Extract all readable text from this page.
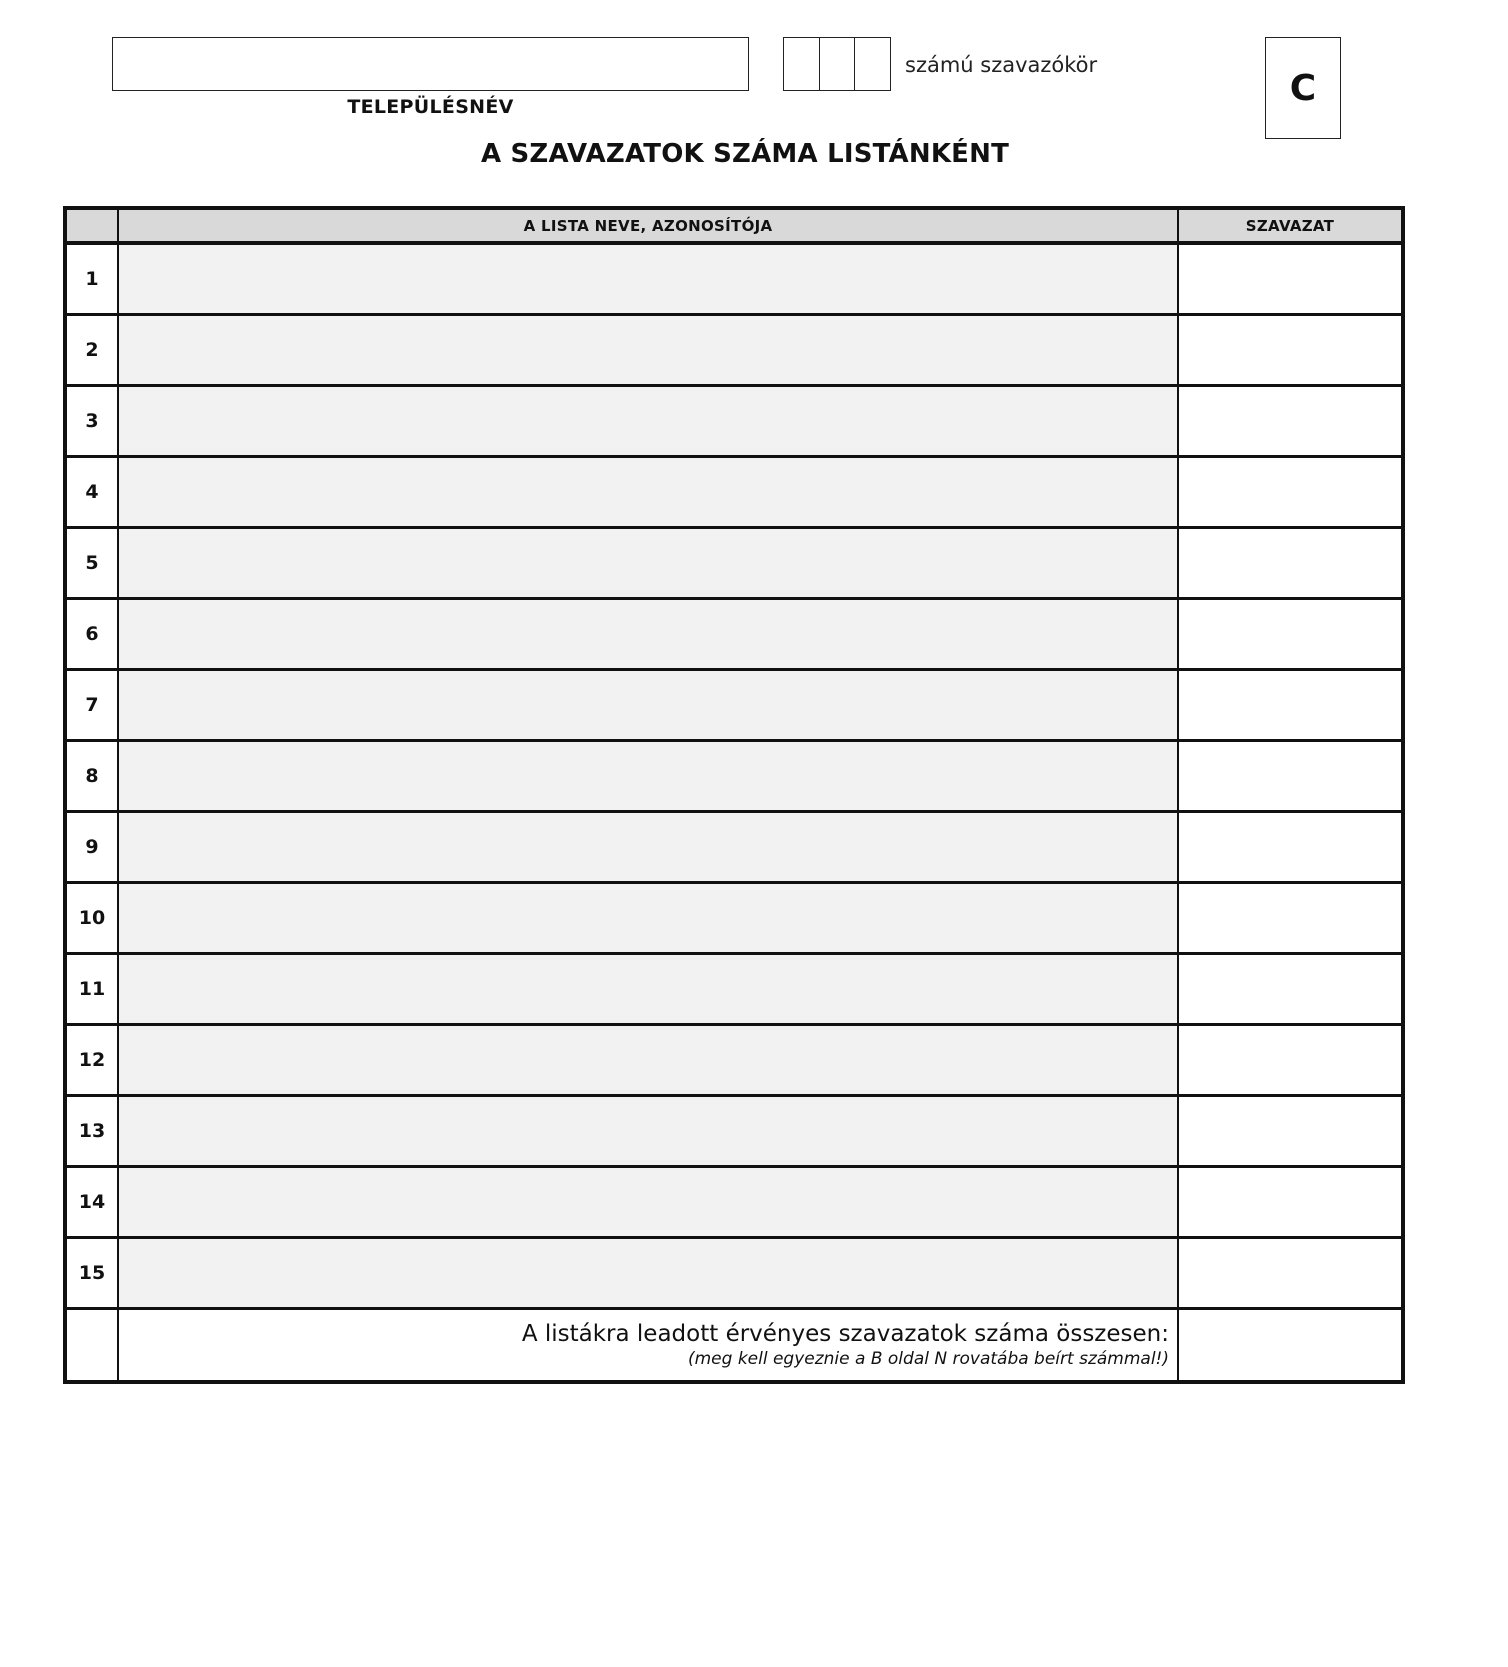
TELEPÜLÉSNÉV
számú szavazókör
C
A SZAVAZATOK SZÁMA LISTÁNKÉNT
	A LISTA NEVE, AZONOSÍTÓJA	SZAVAZAT
1		
2		
3		
4		
5		
6		
7		
8		
9		
10		
11		
12		
13		
14		
15		

	A listákra leadott érvényes szavazatok száma összesen:
(meg kell egyeznie a B oldal N rovatába beírt számmal!)	
